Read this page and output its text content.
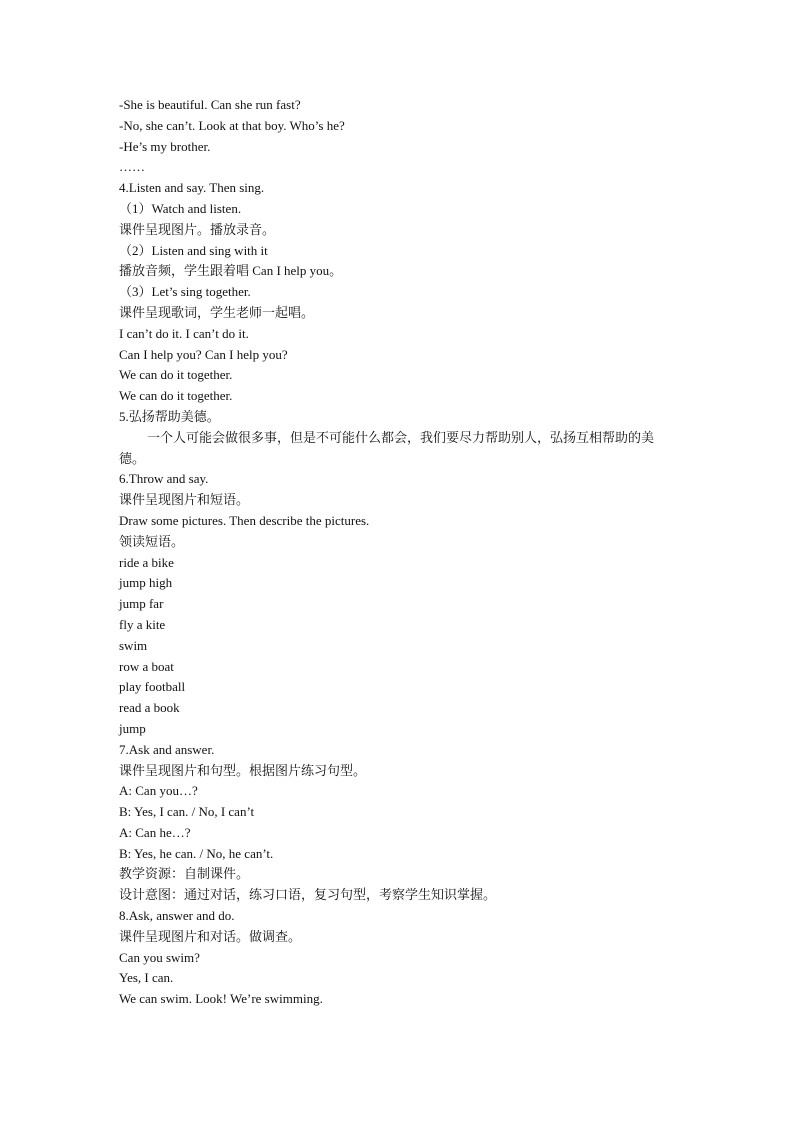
-She is beautiful. Can she run fast?
-No, she can’t. Look at that boy. Who’s he?
-He’s my brother.
……
4.Listen and say. Then sing.
（1）Watch and listen.
课件呈现图片。播放录音。
（2）Listen and sing with it
播放音频，学生跟着唱 Can I help you。
（3）Let’s sing together.
课件呈现歌词，学生老师一起唱。
I can’t do it. I can’t do it.
Can I help you? Can I help you?
We can do it together.
We can do it together.
5.弘扬帮助美德。
一个人可能会做很多事，但是不可能什么都会，我们要尽力帮助别人，弘扬互相帮助的美德。
6.Throw and say.
课件呈现图片和短语。
Draw some pictures. Then describe the pictures.
领读短语。
ride a bike
jump high
jump far
fly a kite
swim
row a boat
play football
read a book
jump
7.Ask and answer.
课件呈现图片和句型。根据图片练习句型。
A: Can you…?
B: Yes, I can. / No, I can’t
A: Can he…?
B: Yes, he can. / No, he can’t.
教学资源：自制课件。
设计意图：通过对话，练习口语，复习句型，考察学生知识掌握。
8.Ask, answer and do.
课件呈现图片和对话。做调查。
Can you swim?
Yes, I can.
We can swim. Look! We’re swimming.
